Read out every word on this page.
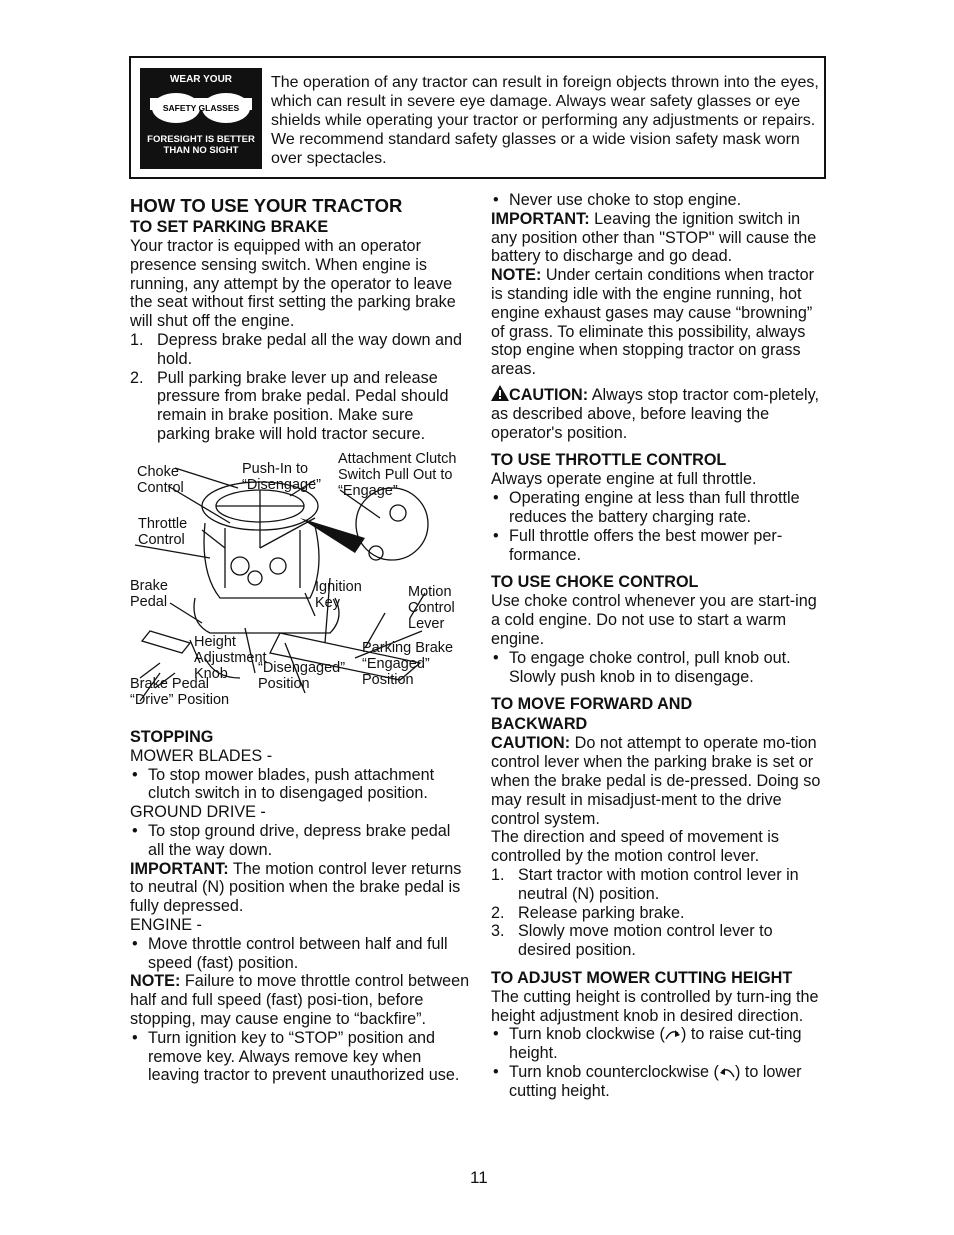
WEAR YOUR
SAFETY GLASSES
FORESIGHT IS BETTER
THAN NO SIGHT
The operation of any tractor can result in foreign objects thrown into the eyes, which can result in severe eye damage. Always wear safety glasses or eye shields while operating your tractor or performing any adjustments or repairs. We recommend standard safety glasses or a wide vision safety mask worn over spectacles.

HOW TO USE YOUR TRACTOR

TO SET PARKING BRAKE

Your tractor is equipped with an operator presence sensing switch. When engine is running, any attempt by the operator to leave the seat without first setting the parking brake will shut off the engine.

1. Depress brake pedal all the way down and hold.
2. Pull parking brake lever up and release pressure from brake pedal. Pedal should remain in brake position. Make sure parking brake will hold tractor secure.
Choke
Control
Push-In to
“Disengage”
Attachment Clutch
Switch Pull Out to
“Engage”
Throttle
Control
Brake
Pedal
Ignition
Key
Motion
Control
Lever
Height
Adjustment
Knob
Parking Brake
“Engaged”
Position
“Disengaged”
Position
Brake Pedal
“Drive” Position

STOPPING

MOWER BLADES -

• To stop mower blades, push attachment clutch switch in to disengaged position.

GROUND DRIVE -

• To stop ground drive, depress brake pedal all the way down.

IMPORTANT: The motion control lever returns to neutral (N) position when the brake pedal is fully depressed.

ENGINE -

• Move throttle control between half and full speed (fast) position.

NOTE: Failure to move throttle control between half and full speed (fast) posi-tion, before stopping, may cause engine to “backfire”.

• Turn ignition key to “STOP” position and remove key. Always remove key when leaving tractor to prevent unauthorized use.
• Never use choke to stop engine.

IMPORTANT: Leaving the ignition switch in any position other than "STOP" will cause the battery to discharge and go dead.

NOTE: Under certain conditions when tractor is standing idle with the engine running, hot engine exhaust gases may cause “browning” of grass. To eliminate this possibility, always stop engine when stopping tractor on grass areas.

CAUTION: Always stop tractor com-pletely, as described above, before leaving the operator's position.

TO USE THROTTLE CONTROL

Always operate engine at full throttle.

• Operating engine at less than full throttle reduces the battery charging rate.
• Full throttle offers the best mower per-formance.

TO USE CHOKE CONTROL

Use choke control whenever you are start-ing a cold engine. Do not use to start a warm engine.

• To engage choke control, pull knob out. Slowly push knob in to disengage.

TO MOVE FORWARD AND
BACKWARD

CAUTION: Do not attempt to operate mo-tion control lever when the parking brake is set or when the brake pedal is de-pressed. Doing so may result in misadjust-ment to the drive control system.

The direction and speed of movement is controlled by the motion control lever.

1. Start tractor with motion control lever in neutral (N) position.
2. Release parking brake.
3. Slowly move motion control lever to desired position.

TO ADJUST MOWER CUTTING HEIGHT

The cutting height is controlled by turn-ing the height adjustment knob in desired direction.

• Turn knob clockwise ( ) to raise cut-ting height.
• Turn knob counterclockwise ( ) to lower cutting height.
11
